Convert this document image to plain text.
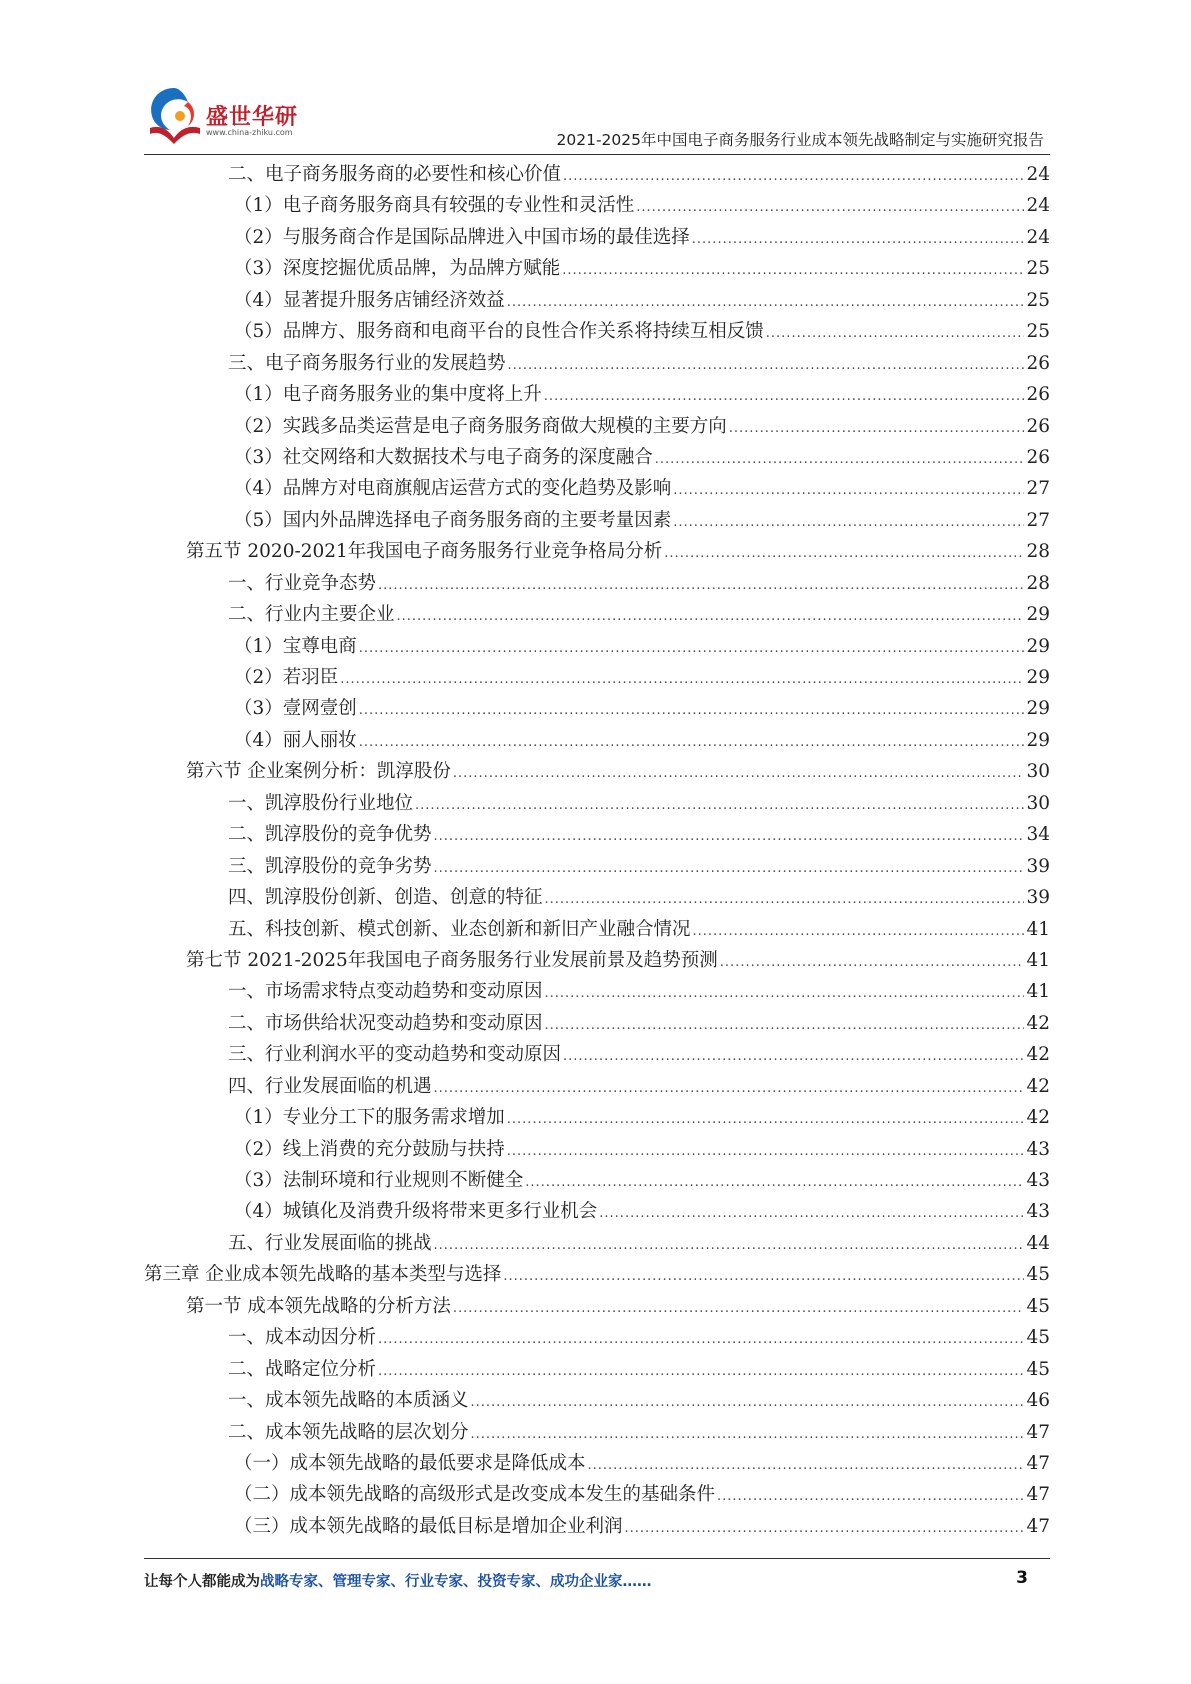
盛世华研
www.china-zhiku.com	2021-2025年中国电子商务服务行业成本领先战略制定与实施研究报告
二、电子商务服务商的必要性和核心价值 .....	24
（1）电子商务服务商具有较强的专业性和灵活性 .....	24
（2）与服务商合作是国际品牌进入中国市场的最佳选择 .....	24
（3）深度挖掘优质品牌，为品牌方赋能 .....	25
（4）显著提升服务店铺经济效益 .....	25
（5）品牌方、服务商和电商平台的良性合作关系将持续互相反馈 .....	25
三、电子商务服务行业的发展趋势 .....	26
（1）电子商务服务业的集中度将上升 .....	26
（2）实践多品类运营是电子商务服务商做大规模的主要方向 .....	26
（3）社交网络和大数据技术与电子商务的深度融合 .....	26
（4）品牌方对电商旗舰店运营方式的变化趋势及影响 .....	27
（5）国内外品牌选择电子商务服务商的主要考量因素 .....	27
第五节 2020-2021年我国电子商务服务行业竞争格局分析 .....	28
一、行业竞争态势 .....	28
二、行业内主要企业 .....	29
（1）宝尊电商 .....	29
（2）若羽臣 .....	29
（3）壹网壹创 .....	29
（4）丽人丽妆 .....	29
第六节 企业案例分析：凯淳股份 .....	30
一、凯淳股份行业地位 .....	30
二、凯淳股份的竞争优势 .....	34
三、凯淳股份的竞争劣势 .....	39
四、凯淳股份创新、创造、创意的特征 .....	39
五、科技创新、模式创新、业态创新和新旧产业融合情况 .....	41
第七节 2021-2025年我国电子商务服务行业发展前景及趋势预测 .....	41
一、市场需求特点变动趋势和变动原因 .....	41
二、市场供给状况变动趋势和变动原因 .....	42
三、行业利润水平的变动趋势和变动原因 .....	42
四、行业发展面临的机遇 .....	42
（1）专业分工下的服务需求增加 .....	42
（2）线上消费的充分鼓励与扶持 .....	43
（3）法制环境和行业规则不断健全 .....	43
（4）城镇化及消费升级将带来更多行业机会 .....	43
五、行业发展面临的挑战 .....	44
第三章 企业成本领先战略的基本类型与选择 .....	45
第一节 成本领先战略的分析方法 .....	45
一、成本动因分析 .....	45
二、战略定位分析 .....	45
一、成本领先战略的本质涵义 .....	46
二、成本领先战略的层次划分 .....	47
（一）成本领先战略的最低要求是降低成本 .....	47
（二）成本领先战略的高级形式是改变成本发生的基础条件 .....	47
（三）成本领先战略的最低目标是增加企业利润 .....	47
让每个人都能成为战略专家、管理专家、行业专家、投资专家、成功企业家……	3
